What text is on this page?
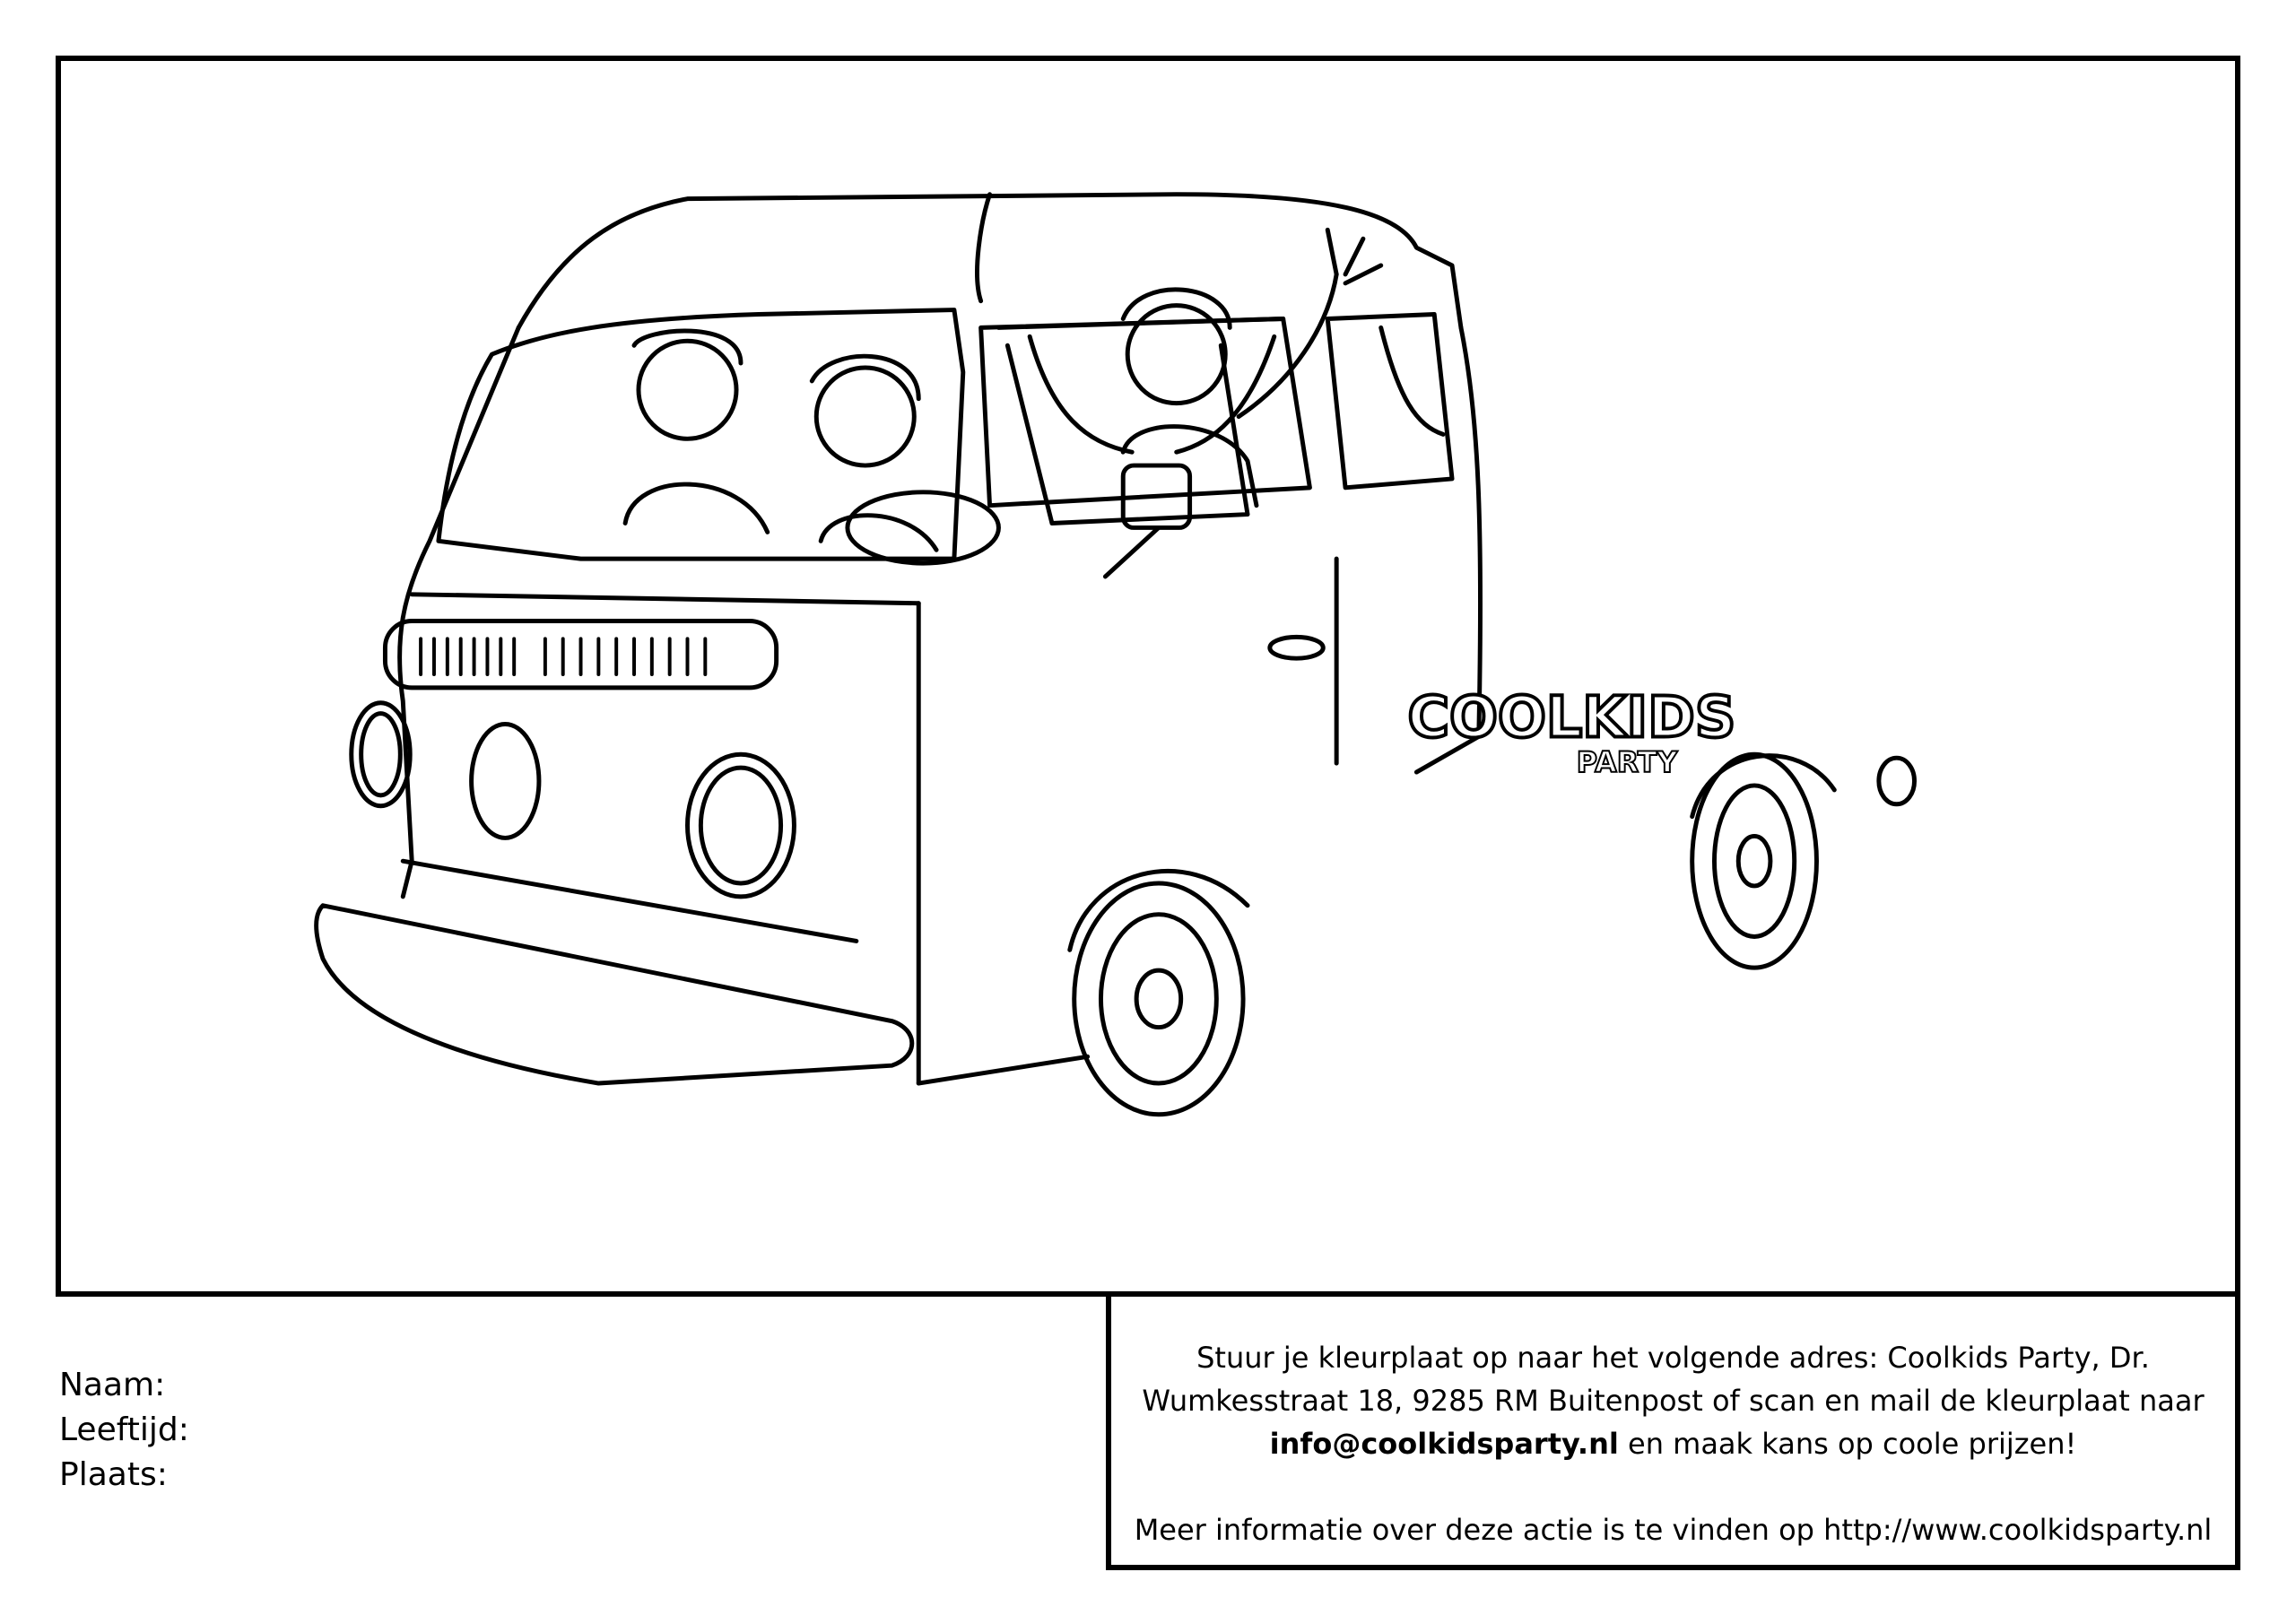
COOLKIDS
PARTY
Naam:
Leeftijd:
Plaats:

Stuur je kleurplaat op naar het volgende adres: Coolkids Party, Dr.

Wumkesstraat 18, 9285 RM Buitenpost of scan en mail de kleurplaat naar

info@coolkidsparty.nl en maak kans op coole prijzen!

Meer informatie over deze actie is te vinden op http://www.coolkidsparty.nl
